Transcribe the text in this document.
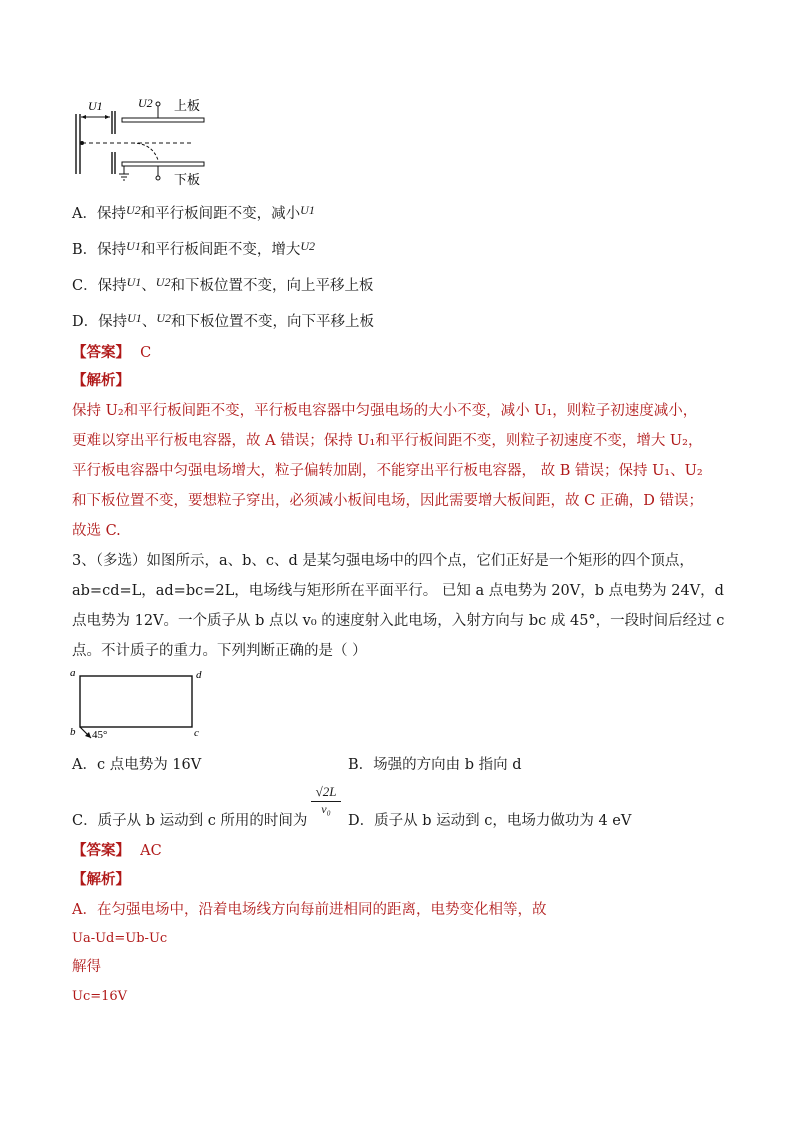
U1	U2 上板
下板
A．保持$^{U2}$和平行板间距不变，减小$^{U1}$
B．保持$^{U1}$和平行板间距不变，增大$^{U2}$
C．保持$^{U1}$、$^{U2}$和下板位置不变，向上平移上板
D．保持$^{U1}$、$^{U2}$和下板位置不变，向下平移上板
【答案】 C
【解析】
保持 U₂和平行板间距不变，平行板电容器中匀强电场的大小不变，减小 U₁，则粒子初速度减小，
更难以穿出平行板电容器，故 A 错误；保持 U₁和平行板间距不变，则粒子初速度不变，增大 U₂，
平行板电容器中匀强电场增大，粒子偏转加剧，不能穿出平行板电容器， 故 B 错误；保持 U₁、U₂
和下板位置不变，要想粒子穿出，必须减小板间电场，因此需要增大板间距，故 C 正确，D 错误；
故选 C.
3、（多选）如图所示，a、b、c、d 是某匀强电场中的四个点，它们正好是一个矩形的四个顶点，
ab=cd=L，ad=bc=2L，电场线与矩形所在平面平行。 已知 a 点电势为 20V，b 点电势为 24V，d
点电势为 12V。一个质子从 b 点以 v₀ 的速度射入此电场，入射方向与 bc 成 45°，一段时间后经过 c
点。不计质子的重力。下列判断正确的是（ ）
a	d
b	c
45°
A．c 点电势为 16V	B．场强的方向由 b 指向 d
$\frac{√2L}{\text{v₀}}$
C．质子从 b 运动到 c 所用的时间为	D．质子从 b 运动到 c，电场力做功为 4 eV
【答案】 AC
【解析】
A．在匀强电场中，沿着电场线方向每前进相同的距离，电势变化相等，故
Ua-Ud=Ub-Uc
解得
Uc=16V
